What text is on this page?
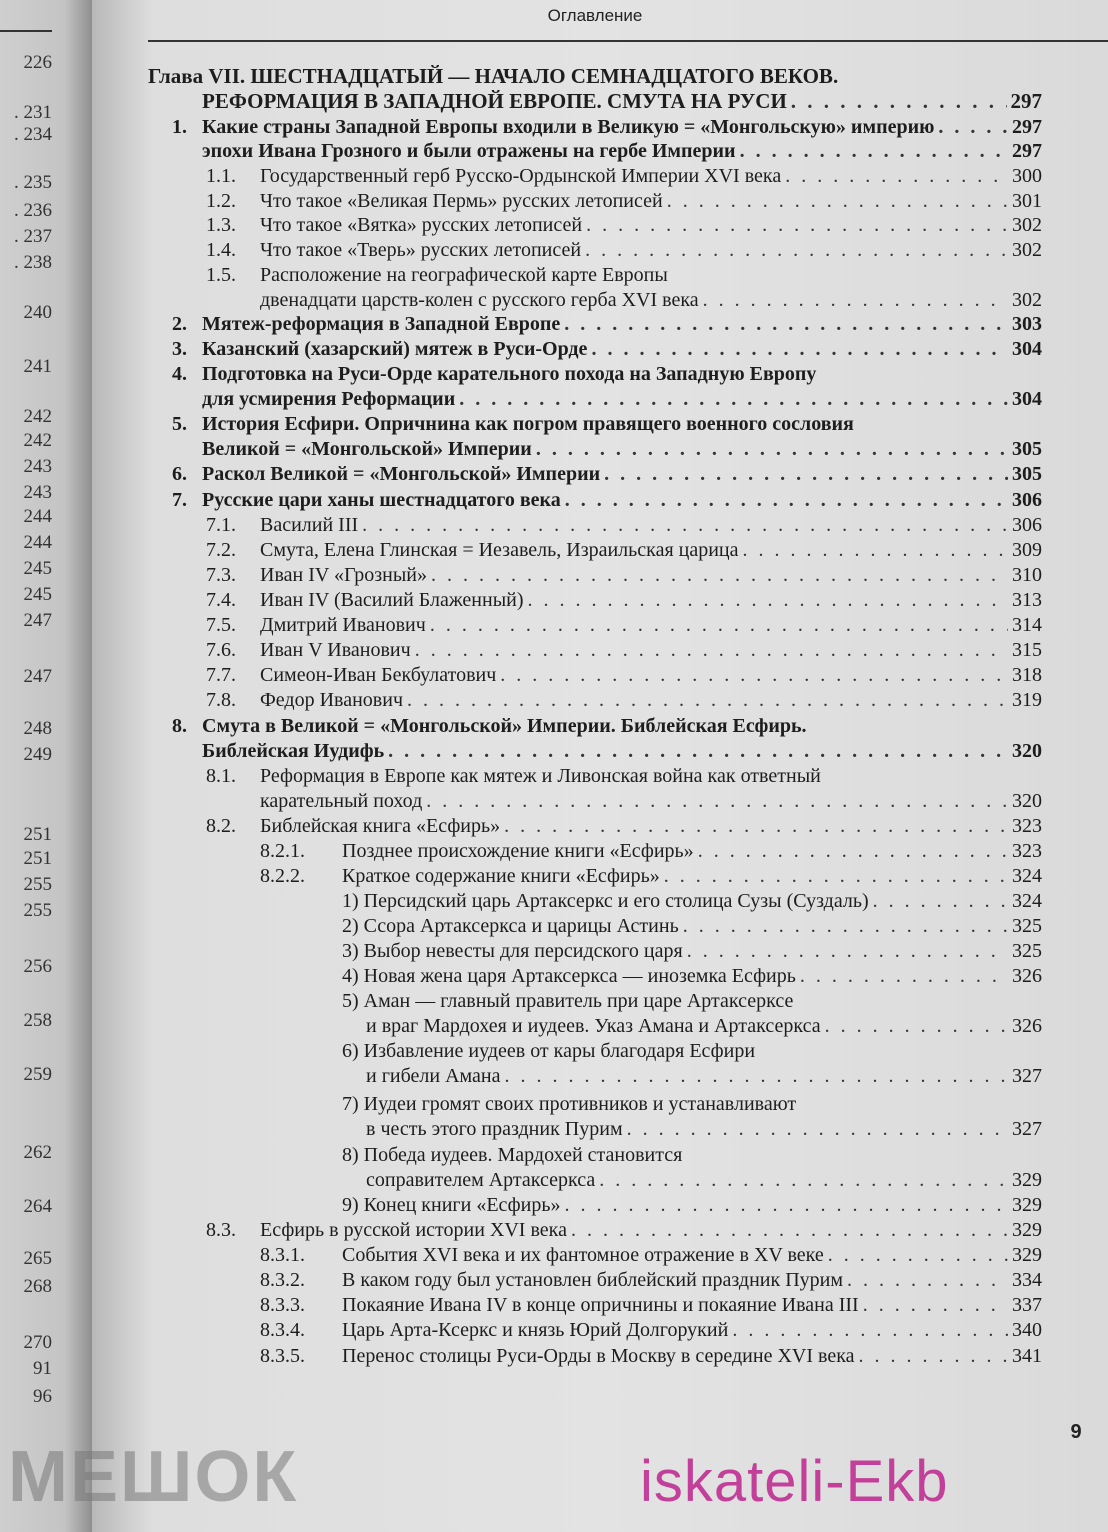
226
. 231
. 234
. 235
. 236
. 237
. 238
240
241
242
242
243
243
244
244
245
245
247
247
248
249
251
251
255
255
256
258
259
262
264
265
268
270
91
96
Оглавление
Глава VII. ШЕСТНАДЦАТЫЙ — НАЧАЛО СЕМНАДЦАТОГО ВЕКОВ.
РЕФОРМАЦИЯ В ЗАПАДНОЙ ЕВРОПЕ. СМУТА НА РУСИ . . .	297
1. Какие страны Западной Европы входили в Великую = «Монгольскую» империю . . .	297
эпохи Ивана Грозного и были отражены на гербе Империи . . .	297
1.1.	Государственный герб Русско-Ордынской Империи XVI века . . .	300
1.2.	Что такое «Великая Пермь» русских летописей . . .	301
1.3.	Что такое «Вятка» русских летописей . . .	302
1.4.	Что такое «Тверь» русских летописей . . .	302
1.5.	Расположение на географической карте Европы
двенадцати царств-колен с русского герба XVI века . . .	302
2. Мятеж-реформация в Западной Европе . . .	303
3. Казанский (хазарский) мятеж в Руси-Орде . . .	304
4. Подготовка на Руси-Орде карательного похода на Западную Европу
для усмирения Реформации . . .	304
5. История Есфири. Опричнина как погром правящего военного сословия
Великой = «Монгольской» Империи . . .	305
6. Раскол Великой = «Монгольской» Империи . . .	305
7. Русские цари ханы шестнадцатого века . . .	306
7.1.	Василий III . . .	306
7.2.	Смута, Елена Глинская = Иезавель, Израильская царица . . .	309
7.3.	Иван IV «Грозный» . . .	310
7.4.	Иван IV (Василий Блаженный) . . .	313
7.5.	Дмитрий Иванович . . .	314
7.6.	Иван V Иванович . . .	315
7.7.	Симеон-Иван Бекбулатович . . .	318
7.8.	Федор Иванович . . .	319
8. Смута в Великой = «Монгольской» Империи. Библейская Есфирь.
Библейская Иудифь . . .	320
8.1.	Реформация в Европе как мятеж и Ливонская война как ответный
карательный поход . . .	320
8.2.	Библейская книга «Есфирь» . . .	323
8.2.1.	Позднее происхождение книги «Есфирь» . . .	323
8.2.2.	Краткое содержание книги «Есфирь» . . .	324
1) Персидский царь Артаксеркс и его столица Сузы (Суздаль) . . .	324
2) Ссора Артаксеркса и царицы Астинь . . .	325
3) Выбор невесты для персидского царя . . .	325
4) Новая жена царя Артаксеркса — иноземка Есфирь . . .	326
5) Аман — главный правитель при царе Артаксерксе
и враг Мардохея и иудеев. Указ Амана и Артаксеркса . . .	326
6) Избавление иудеев от кары благодаря Есфири
и гибели Амана . . .	327
7) Иудеи громят своих противников и устанавливают
в честь этого праздник Пурим . . .	327
8) Победа иудеев. Мардохей становится
соправителем Артаксеркса . . .	329
9) Конец книги «Есфирь» . . .	329
8.3.	Есфирь в русской истории XVI века . . .	329
8.3.1.	События XVI века и их фантомное отражение в XV веке . . .	329
8.3.2.	В каком году был установлен библейский праздник Пурим . . .	334
8.3.3.	Покаяние Ивана IV в конце опричнины и покаяние Ивана III . . .	337
8.3.4.	Царь Арта-Ксеркс и князь Юрий Долгорукий . . .	340
8.3.5.	Перенос столицы Руси-Орды в Москву в середине XVI века . . .	341
9
МЕШОК	iskateli-Ekb
